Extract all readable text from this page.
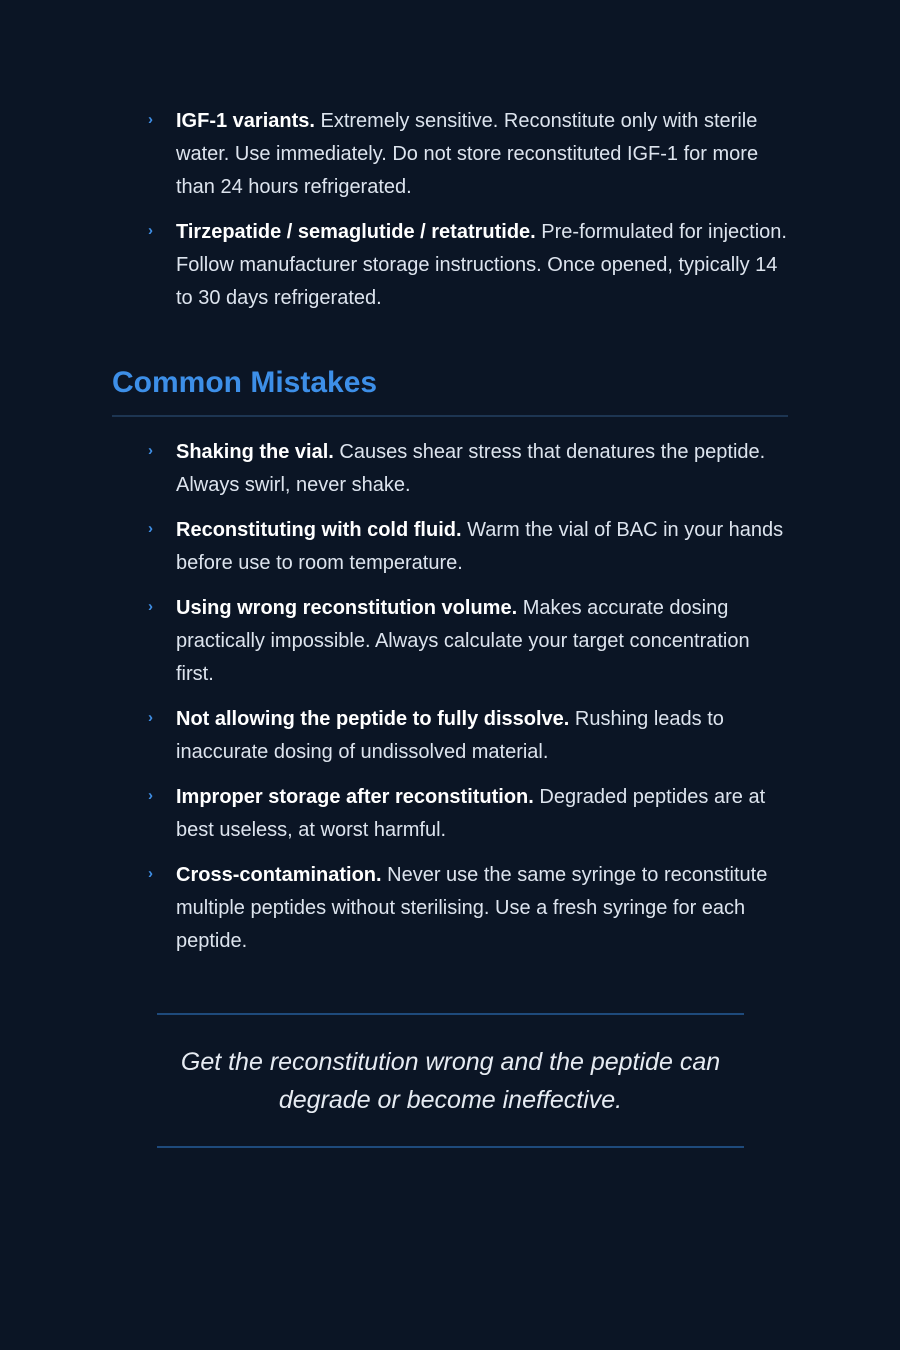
› IGF-1 variants. Extremely sensitive. Reconstitute only with sterile water. Use immediately. Do not store reconstituted IGF-1 for more than 24 hours refrigerated.
› Tirzepatide / semaglutide / retatrutide. Pre-formulated for injection. Follow manufacturer storage instructions. Once opened, typically 14 to 30 days refrigerated.
Common Mistakes
› Shaking the vial. Causes shear stress that denatures the peptide. Always swirl, never shake.
› Reconstituting with cold fluid. Warm the vial of BAC in your hands before use to room temperature.
› Using wrong reconstitution volume. Makes accurate dosing practically impossible. Always calculate your target concentration first.
› Not allowing the peptide to fully dissolve. Rushing leads to inaccurate dosing of undissolved material.
› Improper storage after reconstitution. Degraded peptides are at best useless, at worst harmful.
› Cross-contamination. Never use the same syringe to reconstitute multiple peptides without sterilising. Use a fresh syringe for each peptide.

Get the reconstitution wrong and the peptide can degrade or become ineffective.
